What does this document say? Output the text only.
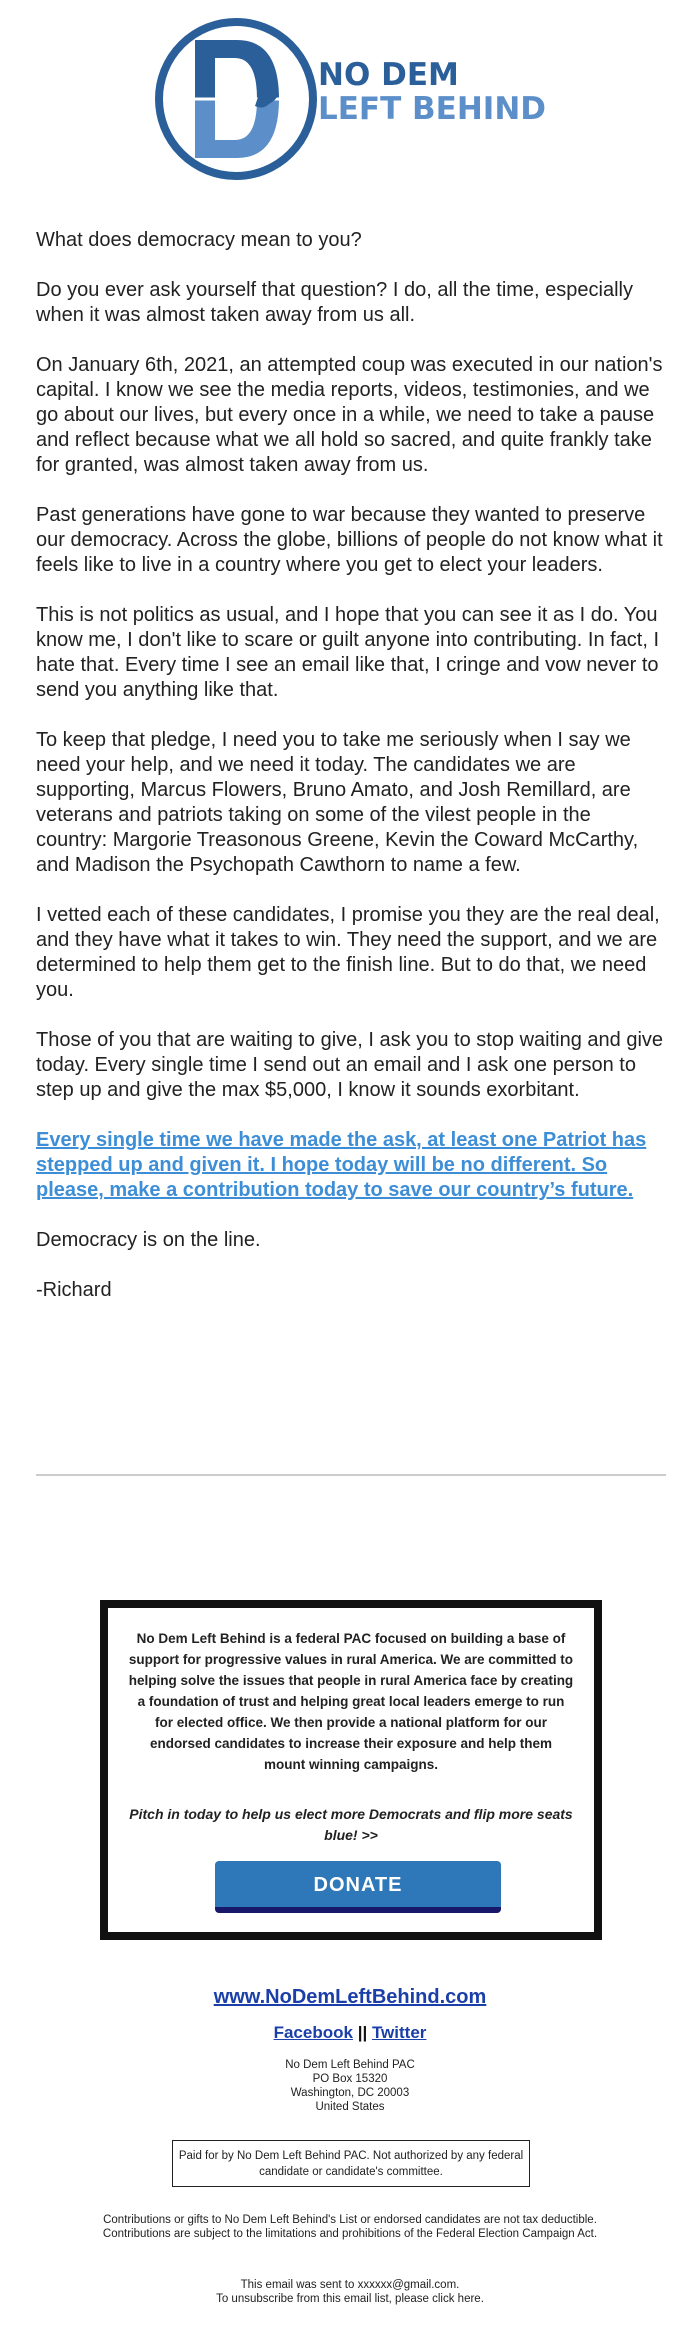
NO DEM
LEFT BEHIND

What does democracy mean to you?

Do you ever ask yourself that question? I do, all the time, especially when it was almost taken away from us all.

On January 6th, 2021, an attempted coup was executed in our nation's capital. I know we see the media reports, videos, testimonies, and we go about our lives, but every once in a while, we need to take a pause and reflect because what we all hold so sacred, and quite frankly take for granted, was almost taken away from us.

Past generations have gone to war because they wanted to preserve our democracy. Across the globe, billions of people do not know what it feels like to live in a country where you get to elect your leaders.

This is not politics as usual, and I hope that you can see it as I do. You know me, I don't like to scare or guilt anyone into contributing. In fact, I hate that. Every time I see an email like that, I cringe and vow never to send you anything like that.

To keep that pledge, I need you to take me seriously when I say we need your help, and we need it today. The candidates we are supporting, Marcus Flowers, Bruno Amato, and Josh Remillard, are veterans and patriots taking on some of the vilest people in the country: Margorie Treasonous Greene, Kevin the Coward McCarthy, and Madison the Psychopath Cawthorn to name a few.

I vetted each of these candidates, I promise you they are the real deal, and they have what it takes to win. They need the support, and we are determined to help them get to the finish line. But to do that, we need you.

Those of you that are waiting to give, I ask you to stop waiting and give today. Every single time I send out an email and I ask one person to step up and give the max $5,000, I know it sounds exorbitant.

Every single time we have made the ask, at least one Patriot has stepped up and given it. I hope today will be no different. So please, make a contribution today to save our country’s future.

Democracy is on the line.

-Richard

No Dem Left Behind is a federal PAC focused on building a base of support for progressive values in rural America. We are committed to helping solve the issues that people in rural America face by creating a foundation of trust and helping great local leaders emerge to run for elected office. We then provide a national platform for our endorsed candidates to increase their exposure and help them mount winning campaigns.
Pitch in today to help us elect more Democrats and flip more seats blue! >>
DONATE
www.NoDemLeftBehind.com
Facebook || Twitter
No Dem Left Behind PAC
PO Box 15320
Washington, DC 20003
United States
Paid for by No Dem Left Behind PAC. Not authorized by any federal candidate or candidate's committee.
Contributions or gifts to No Dem Left Behind's List or endorsed candidates are not tax deductible.
Contributions are subject to the limitations and prohibitions of the Federal Election Campaign Act.
This email was sent to xxxxxx@gmail.com.
To unsubscribe from this email list, please click here.
